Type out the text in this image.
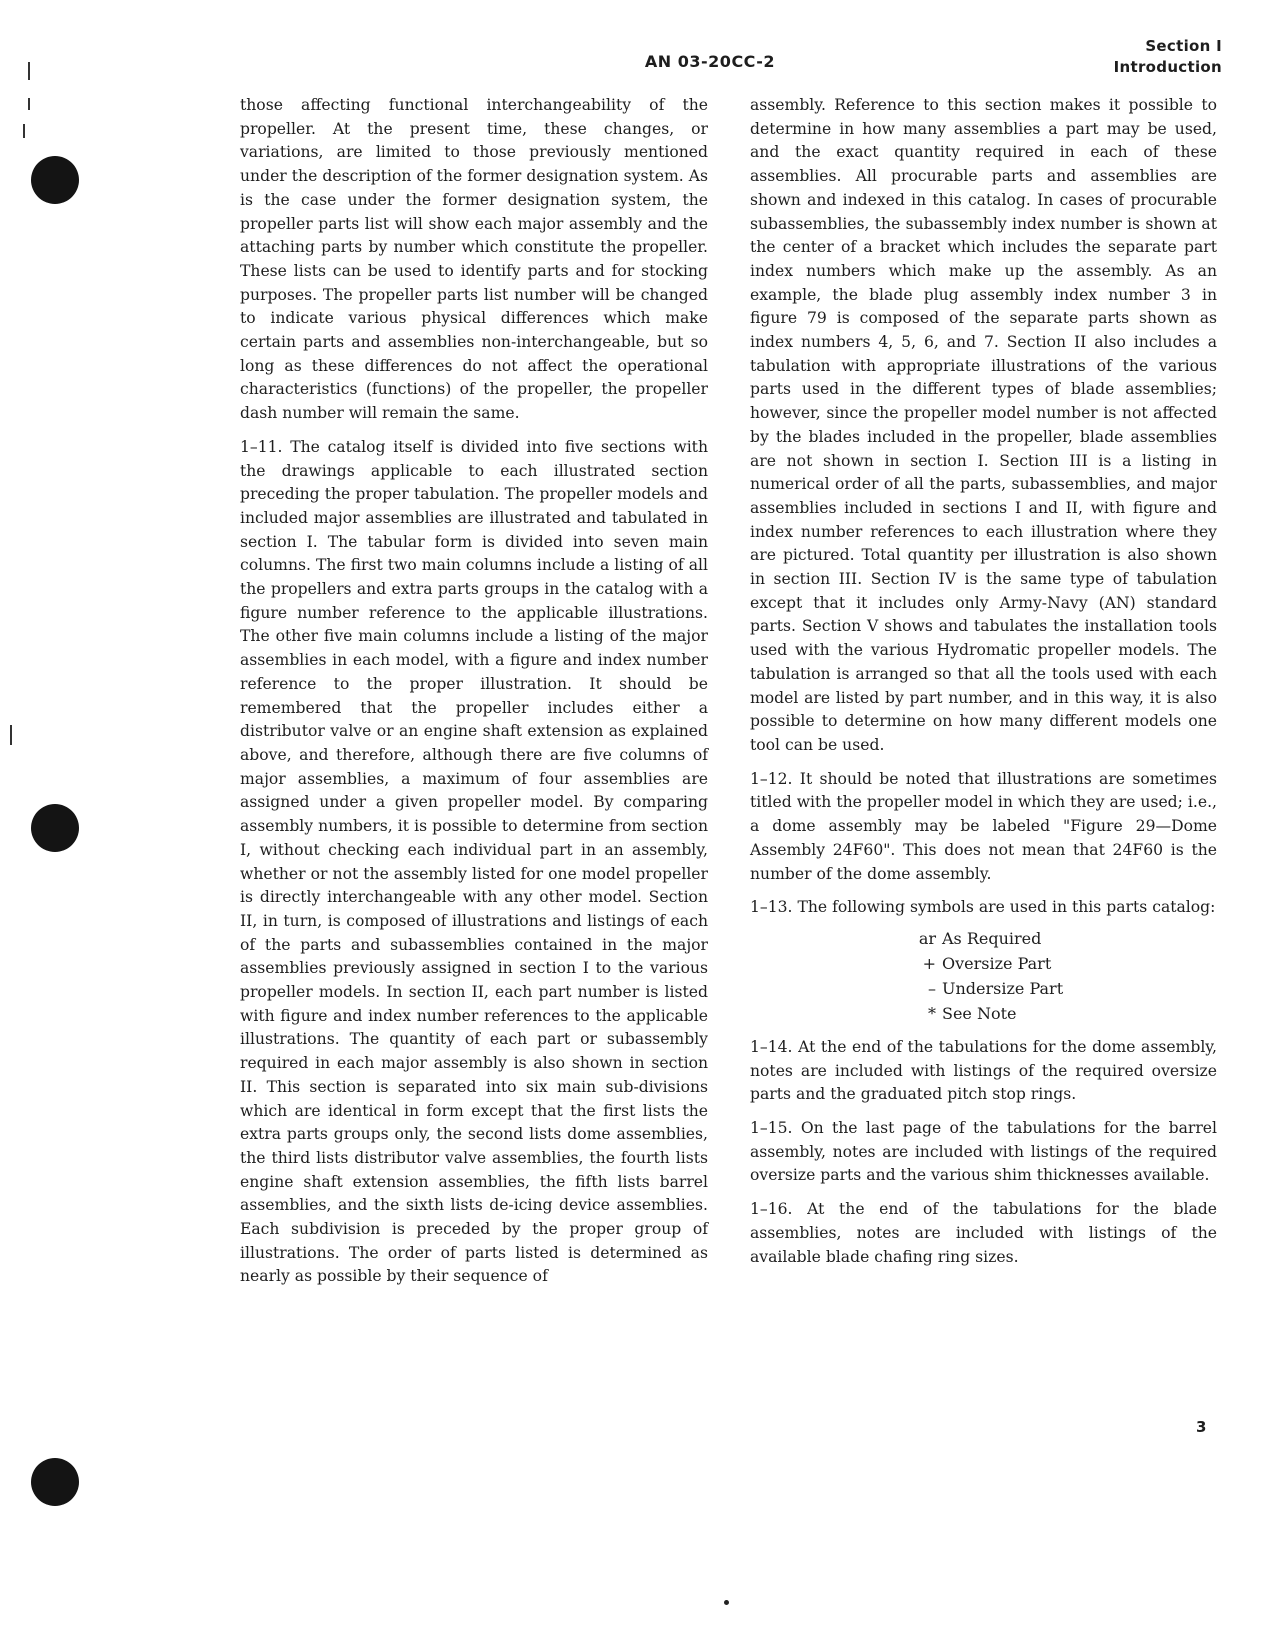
AN 03-20CC-2
Section I
Introduction

those affecting functional interchangeability of the propeller. At the present time, these changes, or variations, are limited to those previously mentioned under the description of the former designation system. As is the case under the former designation system, the propeller parts list will show each major assembly and the attaching parts by number which constitute the propeller. These lists can be used to identify parts and for stocking purposes. The propeller parts list number will be changed to indicate various physical differences which make certain parts and assemblies non-interchangeable, but so long as these differences do not affect the operational characteristics (functions) of the propeller, the propeller dash number will remain the same.

1–11. The catalog itself is divided into five sections with the drawings applicable to each illustrated section preceding the proper tabulation. The propeller models and included major assemblies are illustrated and tabulated in section I. The tabular form is divided into seven main columns. The first two main columns include a listing of all the propellers and extra parts groups in the catalog with a figure number reference to the applicable illustrations. The other five main columns include a listing of the major assemblies in each model, with a figure and index number reference to the proper illustration. It should be remembered that the propeller includes either a distributor valve or an engine shaft extension as explained above, and therefore, although there are five columns of major assemblies, a maximum of four assemblies are assigned under a given propeller model. By comparing assembly numbers, it is possible to determine from section I, without checking each individual part in an assembly, whether or not the assembly listed for one model propeller is directly interchangeable with any other model. Section II, in turn, is composed of illustrations and listings of each of the parts and subassemblies contained in the major assemblies previously assigned in section I to the various propeller models. In section II, each part number is listed with figure and index number references to the applicable illustrations. The quantity of each part or subassembly required in each major assembly is also shown in section II. This section is separated into six main sub-divisions which are identical in form except that the first lists the extra parts groups only, the second lists dome assemblies, the third lists distributor valve assemblies, the fourth lists engine shaft extension assemblies, the fifth lists barrel assemblies, and the sixth lists de-icing device assemblies. Each subdivision is preceded by the proper group of illustrations. The order of parts listed is determined as nearly as possible by their sequence of

assembly. Reference to this section makes it possible to determine in how many assemblies a part may be used, and the exact quantity required in each of these assemblies. All procurable parts and assemblies are shown and indexed in this catalog. In cases of procurable subassemblies, the subassembly index number is shown at the center of a bracket which includes the separate part index numbers which make up the assembly. As an example, the blade plug assembly index number 3 in figure 79 is composed of the separate parts shown as index numbers 4, 5, 6, and 7. Section II also includes a tabulation with appropriate illustrations of the various parts used in the different types of blade assemblies; however, since the propeller model number is not affected by the blades included in the propeller, blade assemblies are not shown in section I. Section III is a listing in numerical order of all the parts, subassemblies, and major assemblies included in sections I and II, with figure and index number references to each illustration where they are pictured. Total quantity per illustration is also shown in section III. Section IV is the same type of tabulation except that it includes only Army-Navy (AN) standard parts. Section V shows and tabulates the installation tools used with the various Hydromatic propeller models. The tabulation is arranged so that all the tools used with each model are listed by part number, and in this way, it is also possible to determine on how many different models one tool can be used.

1–12. It should be noted that illustrations are sometimes titled with the propeller model in which they are used; i.e., a dome assembly may be labeled "Figure 29—Dome Assembly 24F60". This does not mean that 24F60 is the number of the dome assembly.

1–13. The following symbols are used in this parts catalog:

ar As Required
+ Oversize Part
– Undersize Part
* See Note

1–14. At the end of the tabulations for the dome assembly, notes are included with listings of the required oversize parts and the graduated pitch stop rings.

1–15. On the last page of the tabulations for the barrel assembly, notes are included with listings of the required oversize parts and the various shim thicknesses available.

1–16. At the end of the tabulations for the blade assemblies, notes are included with listings of the available blade chafing ring sizes.

3
